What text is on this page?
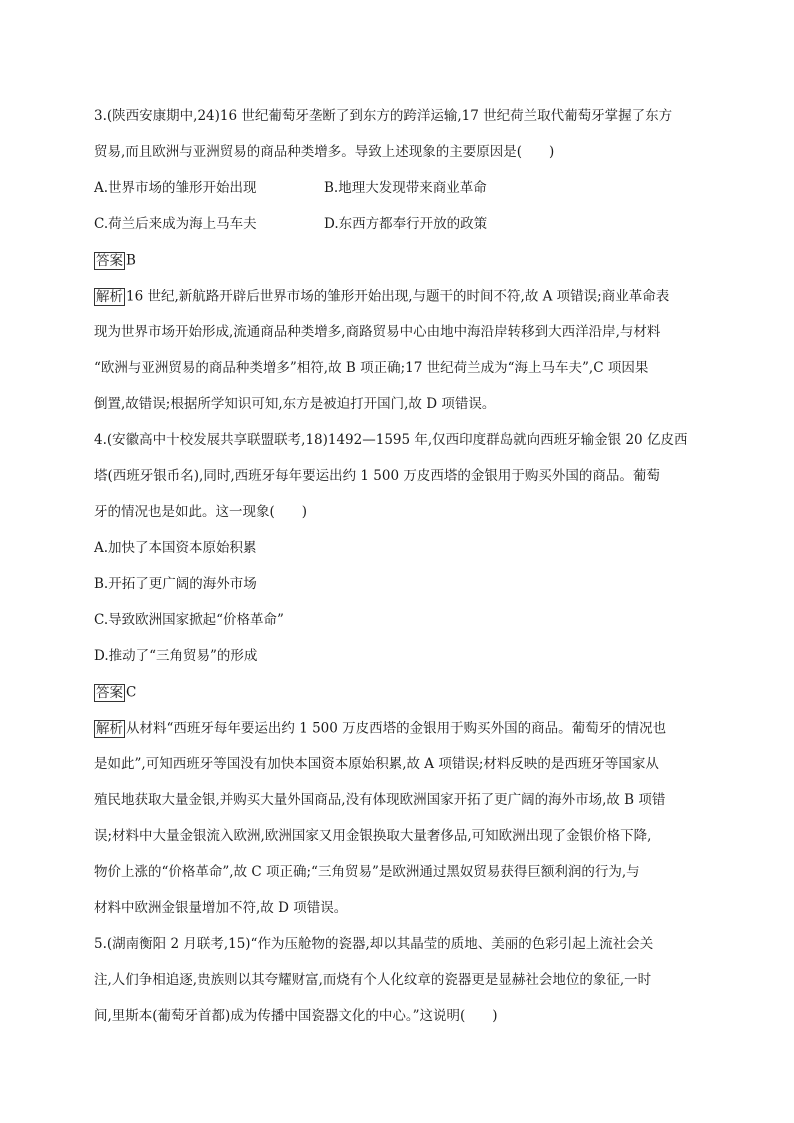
3.(陕西安康期中,24)16 世纪葡萄牙垄断了到东方的跨洋运输,17 世纪荷兰取代葡萄牙掌握了东方
贸易,而且欧洲与亚洲贸易的商品种类增多。导致上述现象的主要原因是(　　)
A.世界市场的雏形开始出现	B.地理大发现带来商业革命
C.荷兰后来成为海上马车夫	D.东西方都奉行开放的政策
答案 B
解析 16 世纪,新航路开辟后世界市场的雏形开始出现,与题干的时间不符,故 A 项错误;商业革命表
现为世界市场开始形成,流通商品种类增多,商路贸易中心由地中海沿岸转移到大西洋沿岸,与材料
“欧洲与亚洲贸易的商品种类增多”相符,故 B 项正确;17 世纪荷兰成为“海上马车夫”,C 项因果
倒置,故错误;根据所学知识可知,东方是被迫打开国门,故 D 项错误。
4.(安徽高中十校发展共享联盟联考,18)1492—1595 年,仅西印度群岛就向西班牙输金银 20 亿皮西
塔(西班牙银币名),同时,西班牙每年要运出约 1 500 万皮西塔的金银用于购买外国的商品。葡萄
牙的情况也是如此。这一现象(　　)
A.加快了本国资本原始积累
B.开拓了更广阔的海外市场
C.导致欧洲国家掀起“价格革命”
D.推动了“三角贸易”的形成
答案 C
解析 从材料“西班牙每年要运出约 1 500 万皮西塔的金银用于购买外国的商品。葡萄牙的情况也
是如此”,可知西班牙等国没有加快本国资本原始积累,故 A 项错误;材料反映的是西班牙等国家从
殖民地获取大量金银,并购买大量外国商品,没有体现欧洲国家开拓了更广阔的海外市场,故 B 项错
误;材料中大量金银流入欧洲,欧洲国家又用金银换取大量奢侈品,可知欧洲出现了金银价格下降,
物价上涨的“价格革命”,故 C 项正确;“三角贸易”是欧洲通过黑奴贸易获得巨额利润的行为,与
材料中欧洲金银量增加不符,故 D 项错误。
5.(湖南衡阳 2 月联考,15)“作为压舱物的瓷器,却以其晶莹的质地、美丽的色彩引起上流社会关
注,人们争相追逐,贵族则以其夸耀财富,而烧有个人化纹章的瓷器更是显赫社会地位的象征,一时
间,里斯本(葡萄牙首都)成为传播中国瓷器文化的中心。”这说明(　　)
